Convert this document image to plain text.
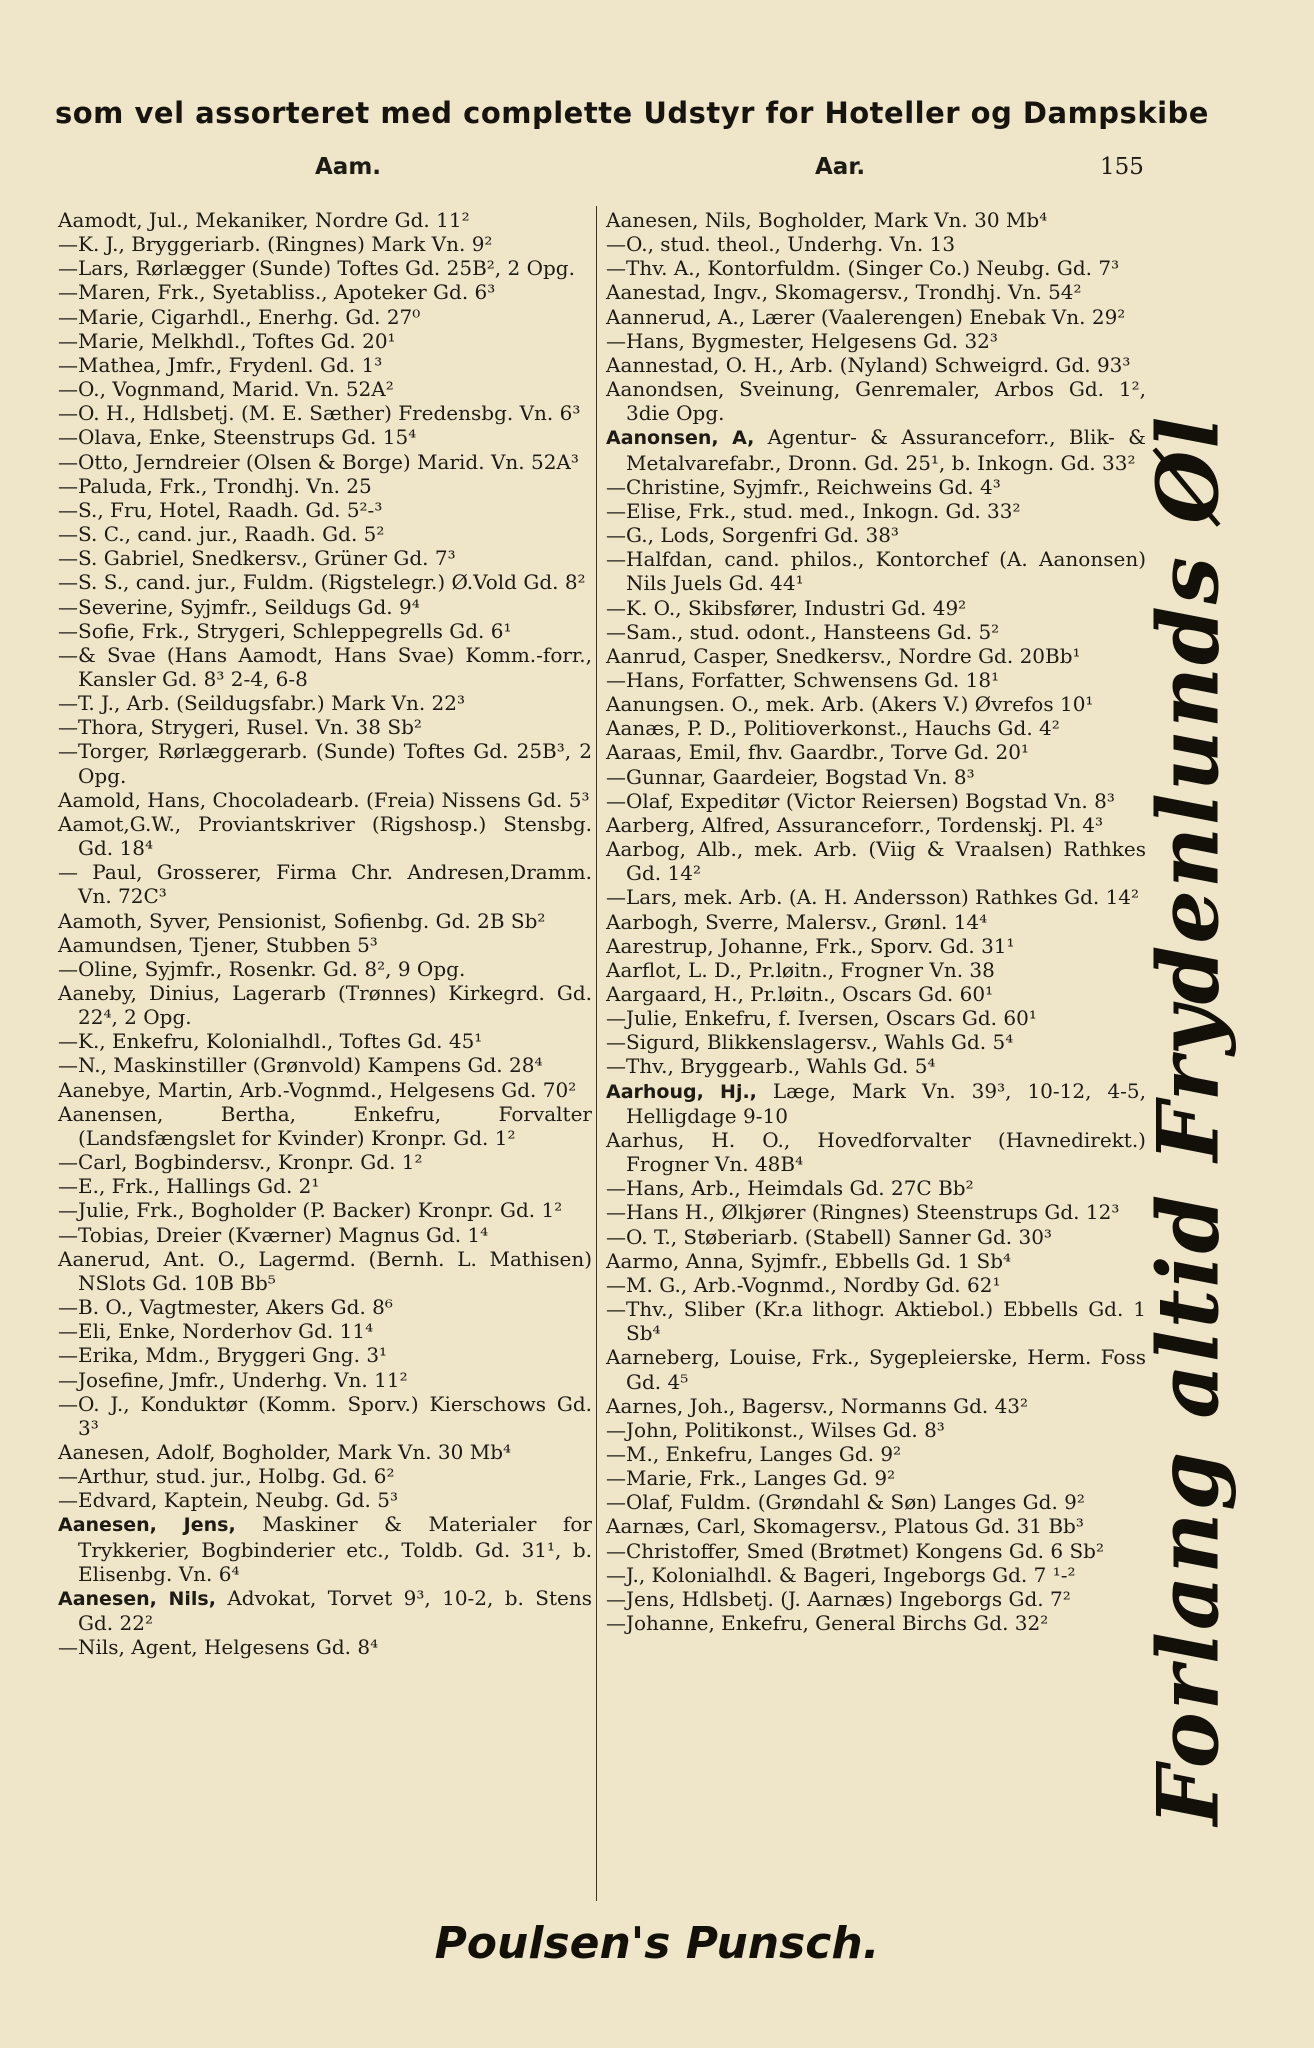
som vel assorteret med complette Udstyr for Hoteller og Dampskibe
Aam.	Aar.	155
Aamodt, Jul., Mekaniker, Nordre Gd. 11²
—K. J., Bryggeriarb. (Ringnes) Mark Vn. 9²
—Lars, Rørlægger (Sunde) Toftes Gd. 25B², 2 Opg.
—Maren, Frk., Syetabliss., Apoteker Gd. 6³
—Marie, Cigarhdl., Enerhg. Gd. 27⁰
—Marie, Melkhdl., Toftes Gd. 20¹
—Mathea, Jmfr., Frydenl. Gd. 1³
—O., Vognmand, Marid. Vn. 52A²
—O. H., Hdlsbetj. (M. E. Sæther) Fredensbg. Vn. 6³
—Olava, Enke, Steenstrups Gd. 15⁴
—Otto, Jerndreier (Olsen & Borge) Marid. Vn. 52A³
—Paluda, Frk., Trondhj. Vn. 25
—S., Fru, Hotel, Raadh. Gd. 5²-³
—S. C., cand. jur., Raadh. Gd. 5²
—S. Gabriel, Snedkersv., Grüner Gd. 7³
—S. S., cand. jur., Fuldm. (Rigstelegr.) Ø.Vold Gd. 8²
—Severine, Syjmfr., Seildugs Gd. 9⁴
—Sofie, Frk., Strygeri, Schleppegrells Gd. 6¹
—& Svae (Hans Aamodt, Hans Svae) Komm.-forr., Kansler Gd. 8³ 2-4, 6-8
—T. J., Arb. (Seildugsfabr.) Mark Vn. 22³
—Thora, Strygeri, Rusel. Vn. 38 Sb²
—Torger, Rørlæggerarb. (Sunde) Toftes Gd. 25B³, 2 Opg.
Aamold, Hans, Chocoladearb. (Freia) Nissens Gd. 5³
Aamot,G.W., Proviantskriver (Rigshosp.) Stensbg. Gd. 18⁴
— Paul, Grosserer, Firma Chr. Andresen,Dramm. Vn. 72C³
Aamoth, Syver, Pensionist, Sofienbg. Gd. 2B Sb²
Aamundsen, Tjener, Stubben 5³
—Oline, Syjmfr., Rosenkr. Gd. 8², 9 Opg.
Aaneby, Dinius, Lagerarb (Trønnes) Kirkegrd. Gd. 22⁴, 2 Opg.
—K., Enkefru, Kolonialhdl., Toftes Gd. 45¹
—N., Maskinstiller (Grønvold) Kampens Gd. 28⁴
Aanebye, Martin, Arb.-Vognmd., Helgesens Gd. 70²
Aanensen, Bertha, Enkefru, Forvalter (Landsfængslet for Kvinder) Kronpr. Gd. 1²
—Carl, Bogbindersv., Kronpr. Gd. 1²
—E., Frk., Hallings Gd. 2¹
—Julie, Frk., Bogholder (P. Backer) Kronpr. Gd. 1²
—Tobias, Dreier (Kværner) Magnus Gd. 1⁴
Aanerud, Ant. O., Lagermd. (Bernh. L. Mathisen) NSlots Gd. 10B Bb⁵
—B. O., Vagtmester, Akers Gd. 8⁶
—Eli, Enke, Norderhov Gd. 11⁴
—Erika, Mdm., Bryggeri Gng. 3¹
—Josefine, Jmfr., Underhg. Vn. 11²
—O. J., Konduktør (Komm. Sporv.) Kierschows Gd. 3³
Aanesen, Adolf, Bogholder, Mark Vn. 30 Mb⁴
—Arthur, stud. jur., Holbg. Gd. 6²
—Edvard, Kaptein, Neubg. Gd. 5³
Aanesen, Jens, Maskiner & Materialer for Trykkerier, Bogbinderier etc., Toldb. Gd. 31¹, b. Elisenbg. Vn. 6⁴
Aanesen, Nils, Advokat, Torvet 9³, 10-2, b. Stens Gd. 22²
—Nils, Agent, Helgesens Gd. 8⁴
Aanesen, Nils, Bogholder, Mark Vn. 30 Mb⁴
—O., stud. theol., Underhg. Vn. 13
—Thv. A., Kontorfuldm. (Singer Co.) Neubg. Gd. 7³
Aanestad, Ingv., Skomagersv., Trondhj. Vn. 54²
Aannerud, A., Lærer (Vaalerengen) Enebak Vn. 29²
—Hans, Bygmester, Helgesens Gd. 32³
Aannestad, O. H., Arb. (Nyland) Schweigrd. Gd. 93³
Aanondsen, Sveinung, Genremaler, Arbos Gd. 1², 3die Opg.
Aanonsen, A, Agentur- & Assuranceforr., Blik- & Metalvarefabr., Dronn. Gd. 25¹, b. Inkogn. Gd. 33²
—Christine, Syjmfr., Reichweins Gd. 4³
—Elise, Frk., stud. med., Inkogn. Gd. 33²
—G., Lods, Sorgenfri Gd. 38³
—Halfdan, cand. philos., Kontorchef (A. Aanonsen) Nils Juels Gd. 44¹
—K. O., Skibsfører, Industri Gd. 49²
—Sam., stud. odont., Hansteens Gd. 5²
Aanrud, Casper, Snedkersv., Nordre Gd. 20Bb¹
—Hans, Forfatter, Schwensens Gd. 18¹
Aanungsen. O., mek. Arb. (Akers V.) Øvrefos 10¹
Aanæs, P. D., Politioverkonst., Hauchs Gd. 4²
Aaraas, Emil, fhv. Gaardbr., Torve Gd. 20¹
—Gunnar, Gaardeier, Bogstad Vn. 8³
—Olaf, Expeditør (Victor Reiersen) Bogstad Vn. 8³
Aarberg, Alfred, Assuranceforr., Tordenskj. Pl. 4³
Aarbog, Alb., mek. Arb. (Viig & Vraalsen) Rathkes Gd. 14²
—Lars, mek. Arb. (A. H. Andersson) Rathkes Gd. 14²
Aarbogh, Sverre, Malersv., Grønl. 14⁴
Aarestrup, Johanne, Frk., Sporv. Gd. 31¹
Aarflot, L. D., Pr.løitn., Frogner Vn. 38
Aargaard, H., Pr.løitn., Oscars Gd. 60¹
—Julie, Enkefru, f. Iversen, Oscars Gd. 60¹
—Sigurd, Blikkenslagersv., Wahls Gd. 5⁴
—Thv., Bryggearb., Wahls Gd. 5⁴
Aarhoug, Hj., Læge, Mark Vn. 39³, 10-12, 4-5, Helligdage 9-10
Aarhus, H. O., Hovedforvalter (Havnedirekt.) Frogner Vn. 48B⁴
—Hans, Arb., Heimdals Gd. 27C Bb²
—Hans H., Ølkjører (Ringnes) Steenstrups Gd. 12³
—O. T., Støberiarb. (Stabell) Sanner Gd. 30³
Aarmo, Anna, Syjmfr., Ebbells Gd. 1 Sb⁴
—M. G., Arb.-Vognmd., Nordby Gd. 62¹
—Thv., Sliber (Kr.a lithogr. Aktiebol.) Ebbells Gd. 1 Sb⁴
Aarneberg, Louise, Frk., Sygepleierske, Herm. Foss Gd. 4⁵
Aarnes, Joh., Bagersv., Normanns Gd. 43²
—John, Politikonst., Wilses Gd. 8³
—M., Enkefru, Langes Gd. 9²
—Marie, Frk., Langes Gd. 9²
—Olaf, Fuldm. (Grøndahl & Søn) Langes Gd. 9²
Aarnæs, Carl, Skomagersv., Platous Gd. 31 Bb³
—Christoffer, Smed (Brøtmet) Kongens Gd. 6 Sb²
—J., Kolonialhdl. & Bageri, Ingeborgs Gd. 7 ¹-²
—Jens, Hdlsbetj. (J. Aarnæs) Ingeborgs Gd. 7²
—Johanne, Enkefru, General Birchs Gd. 32²	Forlang altid Frydenlunds Øl
Poulsen's Punsch.
